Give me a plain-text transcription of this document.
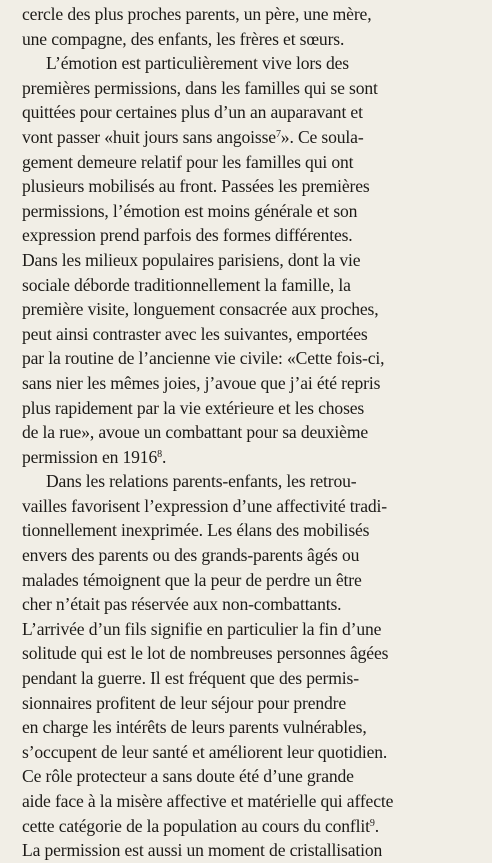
cercle des plus proches parents, un père, une mère,
une compagne, des enfants, les frères et sœurs.
L’émotion est particulièrement vive lors des
premières permissions, dans les familles qui se sont
quittées pour certaines plus d’un an auparavant et
vont passer «huit jours sans angoisse$^7$». Ce soula-
gement demeure relatif pour les familles qui ont
plusieurs mobilisés au front. Passées les premières
permissions, l’émotion est moins générale et son
expression prend parfois des formes différentes.
Dans les milieux populaires parisiens, dont la vie
sociale déborde traditionnellement la famille, la
première visite, longuement consacrée aux proches,
peut ainsi contraster avec les suivantes, emportées
par la routine de l’ancienne vie civile: «Cette fois-ci,
sans nier les mêmes joies, j’avoue que j’ai été repris
plus rapidement par la vie extérieure et les choses
de la rue», avoue un combattant pour sa deuxième
permission en 1916$^8$.
Dans les relations parents-enfants, les retrou-
vailles favorisent l’expression d’une affectivité tradi-
tionnellement inexprimée. Les élans des mobilisés
envers des parents ou des grands-parents âgés ou
malades témoignent que la peur de perdre un être
cher n’était pas réservée aux non-combattants.
L’arrivée d’un fils signifie en particulier la fin d’une
solitude qui est le lot de nombreuses personnes âgées
pendant la guerre. Il est fréquent que des permis-
sionnaires profitent de leur séjour pour prendre
en charge les intérêts de leurs parents vulnérables,
s’occupent de leur santé et améliorent leur quotidien.
Ce rôle protecteur a sans doute été d’une grande
aide face à la misère affective et matérielle qui affecte
cette catégorie de la population au cours du conflit$^9$.
La permission est aussi un moment de cristallisation
